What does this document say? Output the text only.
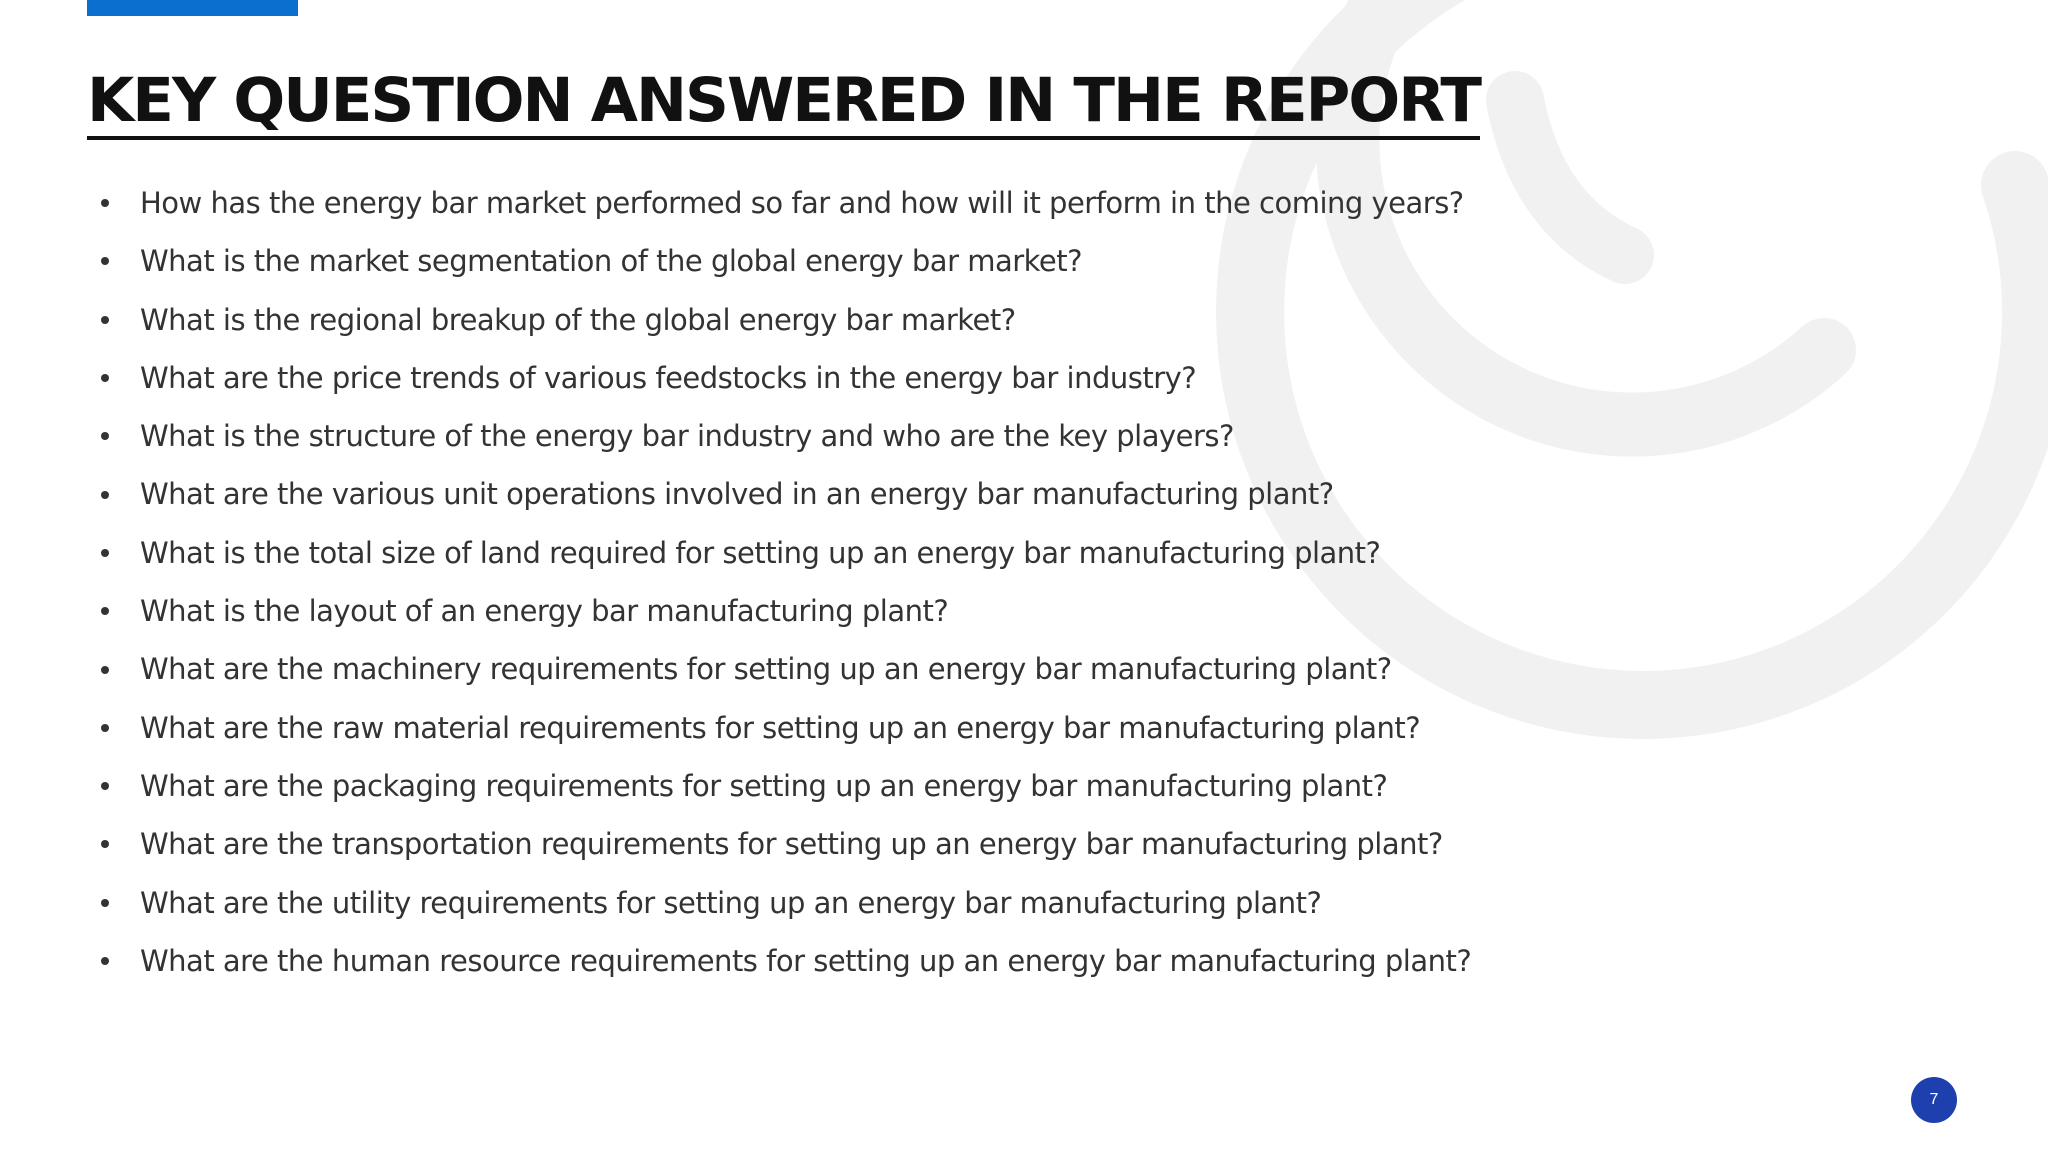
KEY QUESTION ANSWERED IN THE REPORT
How has the energy bar market performed so far and how will it perform in the coming years?
What is the market segmentation of the global energy bar market?
What is the regional breakup of the global energy bar market?
What are the price trends of various feedstocks in the energy bar industry?
What is the structure of the energy bar industry and who are the key players?
What are the various unit operations involved in an energy bar manufacturing plant?
What is the total size of land required for setting up an energy bar manufacturing plant?
What is the layout of an energy bar manufacturing plant?
What are the machinery requirements for setting up an energy bar manufacturing plant?
What are the raw material requirements for setting up an energy bar manufacturing plant?
What are the packaging requirements for setting up an energy bar manufacturing plant?
What are the transportation requirements for setting up an energy bar manufacturing plant?
What are the utility requirements for setting up an energy bar manufacturing plant?
What are the human resource requirements for setting up an energy bar manufacturing plant?
7
